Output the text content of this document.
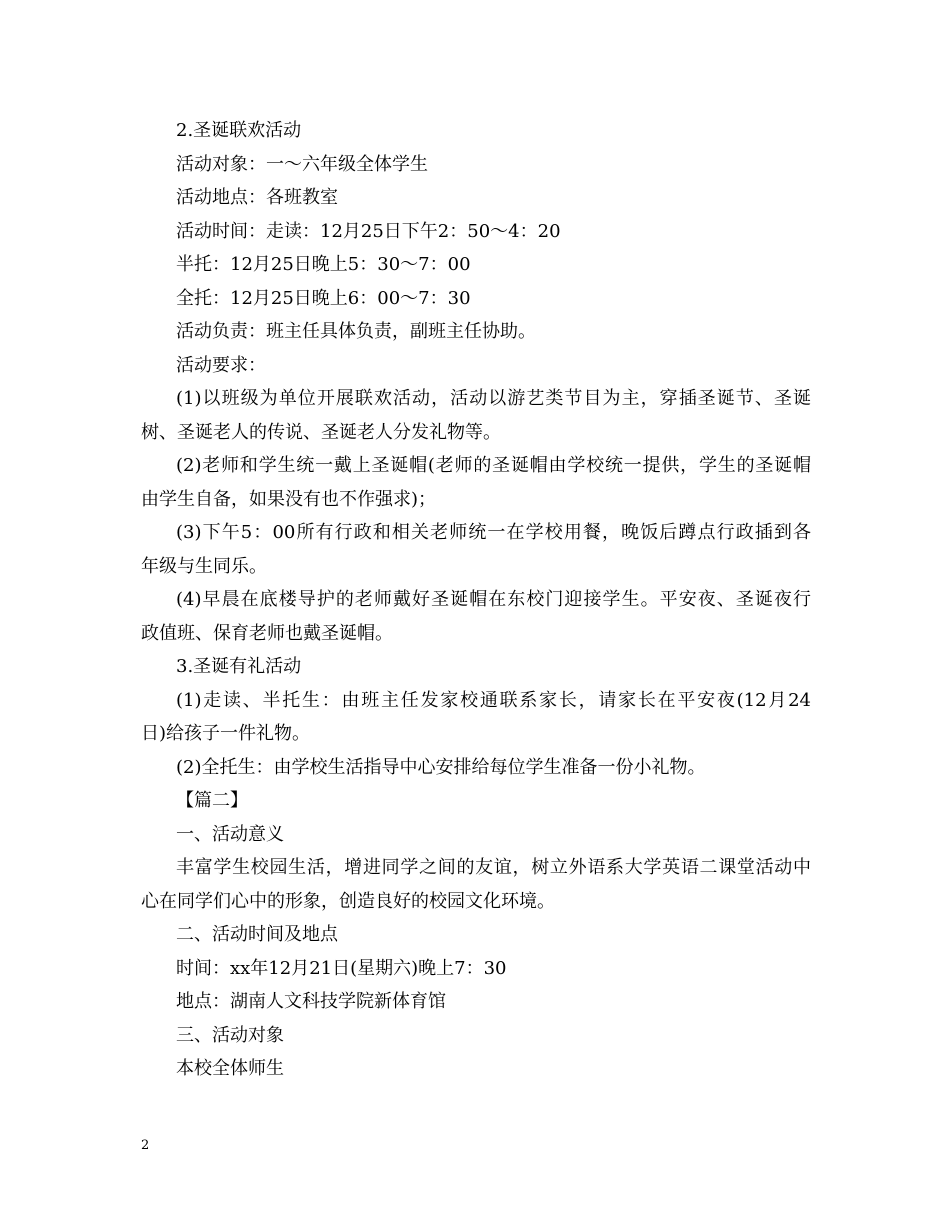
2.圣诞联欢活动
活动对象：一～六年级全体学生
活动地点：各班教室
活动时间：走读：12月25日下午2：50～4：20
半托：12月25日晚上5：30～7：00
全托：12月25日晚上6：00～7：30
活动负责：班主任具体负责，副班主任协助。
活动要求：
(1)以班级为单位开展联欢活动，活动以游艺类节目为主，穿插圣诞节、圣诞
树、圣诞老人的传说、圣诞老人分发礼物等。
(2)老师和学生统一戴上圣诞帽(老师的圣诞帽由学校统一提供，学生的圣诞帽
由学生自备，如果没有也不作强求)；
(3)下午5：00所有行政和相关老师统一在学校用餐，晚饭后蹲点行政插到各
年级与生同乐。
(4)早晨在底楼导护的老师戴好圣诞帽在东校门迎接学生。平安夜、圣诞夜行
政值班、保育老师也戴圣诞帽。
3.圣诞有礼活动
(1)走读、半托生：由班主任发家校通联系家长，请家长在平安夜(12月24
日)给孩子一件礼物。
(2)全托生：由学校生活指导中心安排给每位学生准备一份小礼物。
【篇二】
一、活动意义
丰富学生校园生活，增进同学之间的友谊，树立外语系大学英语二课堂活动中
心在同学们心中的形象，创造良好的校园文化环境。
二、活动时间及地点
时间：xx年12月21日(星期六)晚上7：30
地点：湖南人文科技学院新体育馆
三、活动对象
本校全体师生
2
